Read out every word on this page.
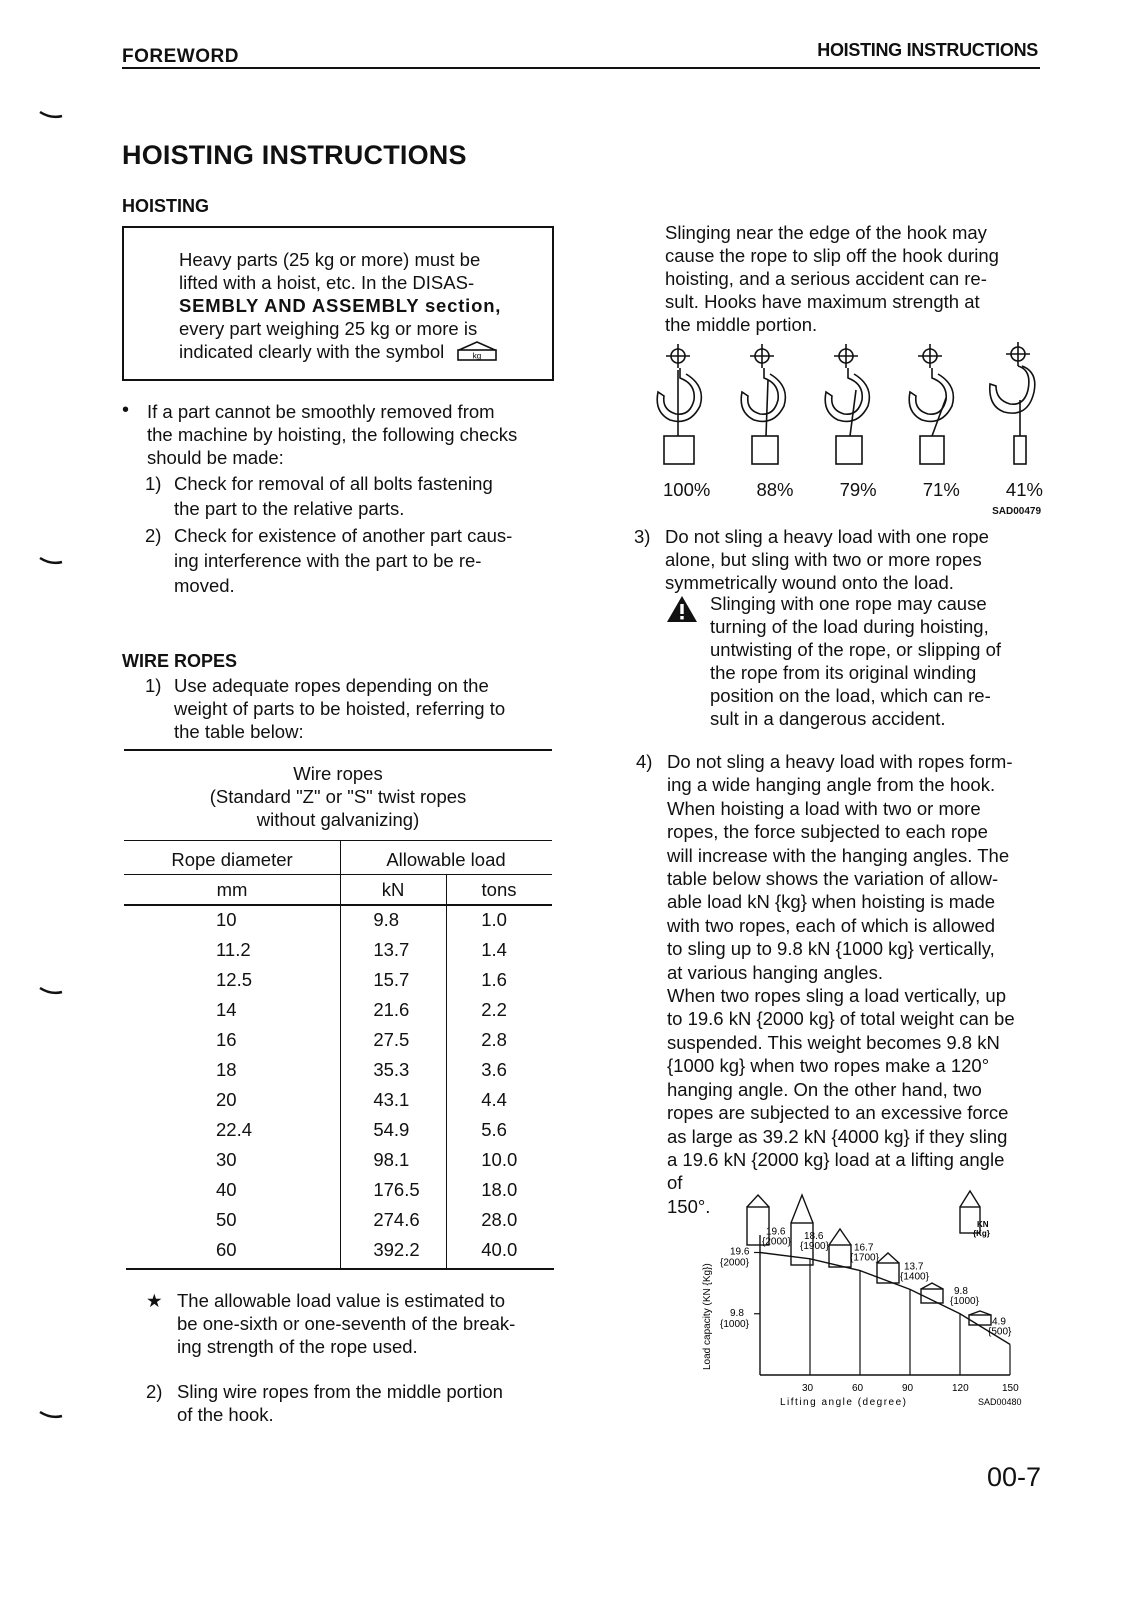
FOREWORD	HOISTING INSTRUCTIONS
HOISTING INSTRUCTIONS
HOISTING
Heavy parts (25 kg or more) must be
lifted with a hoist, etc. In the DISAS-
SEMBLY AND ASSEMBLY section,
every part weighing 25 kg or more is
indicated clearly with the symbol	kg
• If a part cannot be smoothly removed from
the machine by hoisting, the following checks
should be made:
1) Check for removal of all bolts fastening
the part to the relative parts.
2) Check for existence of another part caus-
ing interference with the part to be re-
moved.
WIRE ROPES
1) Use adequate ropes depending on the
weight of parts to be hoisted, referring to
the table below:
Wire ropes
(Standard "Z" or "S" twist ropes
without galvanizing)
Rope diameter	Allowable load
mm	kN	tons
10	9.8	1.0
11.2	13.7	1.4
12.5	15.7	1.6
14	21.6	2.2
16	27.5	2.8
18	35.3	3.6
20	43.1	4.4
22.4	54.9	5.6
30	98.1	10.0
40	176.5	18.0
50	274.6	28.0
60	392.2	40.0
★ The allowable load value is estimated to
be one-sixth or one-seventh of the break-
ing strength of the rope used.
2) Sling wire ropes from the middle portion
of the hook.
Slinging near the edge of the hook may
cause the rope to slip off the hook during
hoisting, and a serious accident can re-
sult. Hooks have maximum strength at
the middle portion.
100% 88% 79% 71% 41%
SAD00479
3) Do not sling a heavy load with one rope
alone, but sling with two or more ropes
symmetrically wound onto the load.
Slinging with one rope may cause
turning of the load during hoisting,
untwisting of the rope, or slipping of
the rope from its original winding
position on the load, which can re-
sult in a dangerous accident.
4) Do not sling a heavy load with ropes form-
ing a wide hanging angle from the hook.
When hoisting a load with two or more
ropes, the force subjected to each rope
will increase with the hanging angles. The
table below shows the variation of allow-
able load kN {kg} when hoisting is made
with two ropes, each of which is allowed
to sling up to 9.8 kN {1000 kg} vertically,
at various hanging angles.
When two ropes sling a load vertically, up
to 19.6 kN {2000 kg} of total weight can be
suspended. This weight becomes 9.8 kN
{1000 kg} when two ropes make a 120°
hanging angle. On the other hand, two
ropes are subjected to an excessive force
as large as 39.2 kN {4000 kg} if they sling
a 19.6 kN {2000 kg} load at a lifting angle
of 150°.
18.6
{1900}	16.7
{1700}
13.7
{1400}
9.8
{1000}
4.9
{500}
19.6
{2000}
19.6
{2000}
9.8
{1000}
30	60	90	120	150
Lifting angle (degree)
Load capacity (KN {Kg})
SAD00480
KN
{Kg}
00-7
